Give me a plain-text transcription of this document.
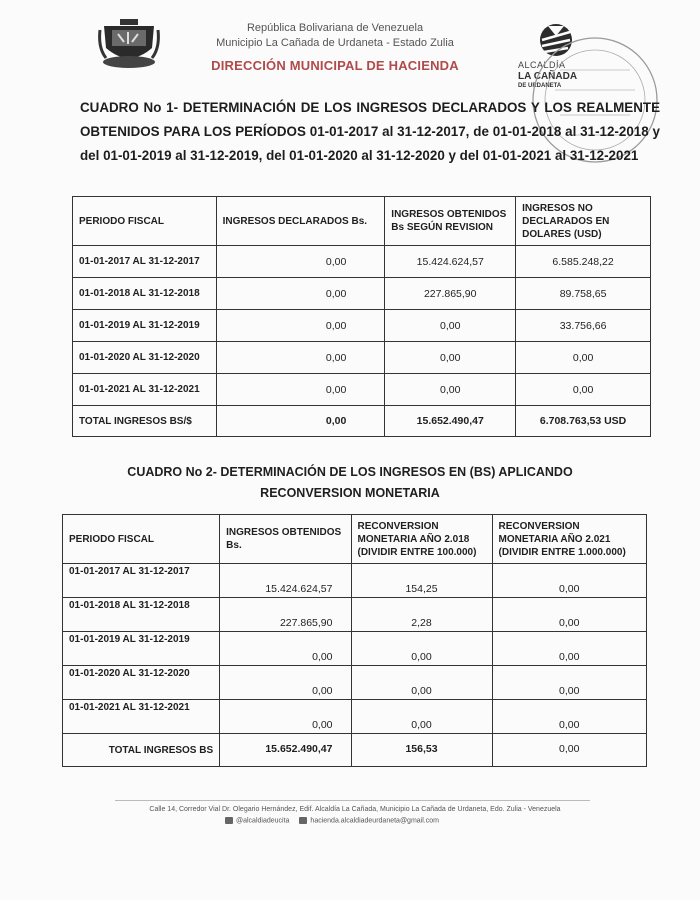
República Bolivariana de Venezuela
Municipio La Cañada de Urdaneta - Estado Zulia
DIRECCIÓN MUNICIPAL DE HACIENDA	ALCALDÍA
LA CAÑADA
DE URDANETA
CUADRO No 1- DETERMINACIÓN DE LOS INGRESOS DECLARADOS Y LOS REALMENTE OBTENIDOS PARA LOS PERÍODOS 01-01-2017 al 31-12-2017, de 01-01-2018 al 31-12-2018 y del 01-01-2019 al 31-12-2019, del 01-01-2020 al 31-12-2020 y del 01-01-2021 al 31-12-2021
PERIODO FISCAL	INGRESOS DECLARADOS Bs.	INGRESOS OBTENIDOS Bs SEGÚN REVISION	INGRESOS NO DECLARADOS EN DOLARES (USD)
01-01-2017 AL 31-12-2017	0,00	15.424.624,57	6.585.248,22
01-01-2018 AL 31-12-2018	0,00	227.865,90	89.758,65
01-01-2019 AL 31-12-2019	0,00	0,00	33.756,66
01-01-2020 AL 31-12-2020	0,00	0,00	0,00
01-01-2021 AL 31-12-2021	0,00	0,00	0,00
TOTAL INGRESOS BS/$	0,00	15.652.490,47	6.708.763,53 USD
CUADRO No 2- DETERMINACIÓN DE LOS INGRESOS EN (BS) APLICANDO RECONVERSION MONETARIA
PERIODO FISCAL	INGRESOS OBTENIDOS Bs.	RECONVERSION MONETARIA AÑO 2.018 (DIVIDIR ENTRE 100.000)	RECONVERSION MONETARIA AÑO 2.021 (DIVIDIR ENTRE 1.000.000)
01-01-2017 AL 31-12-2017	15.424.624,57	154,25	0,00
01-01-2018 AL 31-12-2018	227.865,90	2,28	0,00
01-01-2019 AL 31-12-2019	0,00	0,00	0,00
01-01-2020 AL 31-12-2020	0,00	0,00	0,00
01-01-2021 AL 31-12-2021	0,00	0,00	0,00
TOTAL INGRESOS BS	15.652.490,47	156,53	0,00
Calle 14, Corredor Vial Dr. Olegario Hernández, Edif. Alcaldía La Cañada, Municipio La Cañada de Urdaneta, Edo. Zulia - Venezuela
@alcaldiadeucita	hacienda.alcaldiadeurdaneta@gmail.com
